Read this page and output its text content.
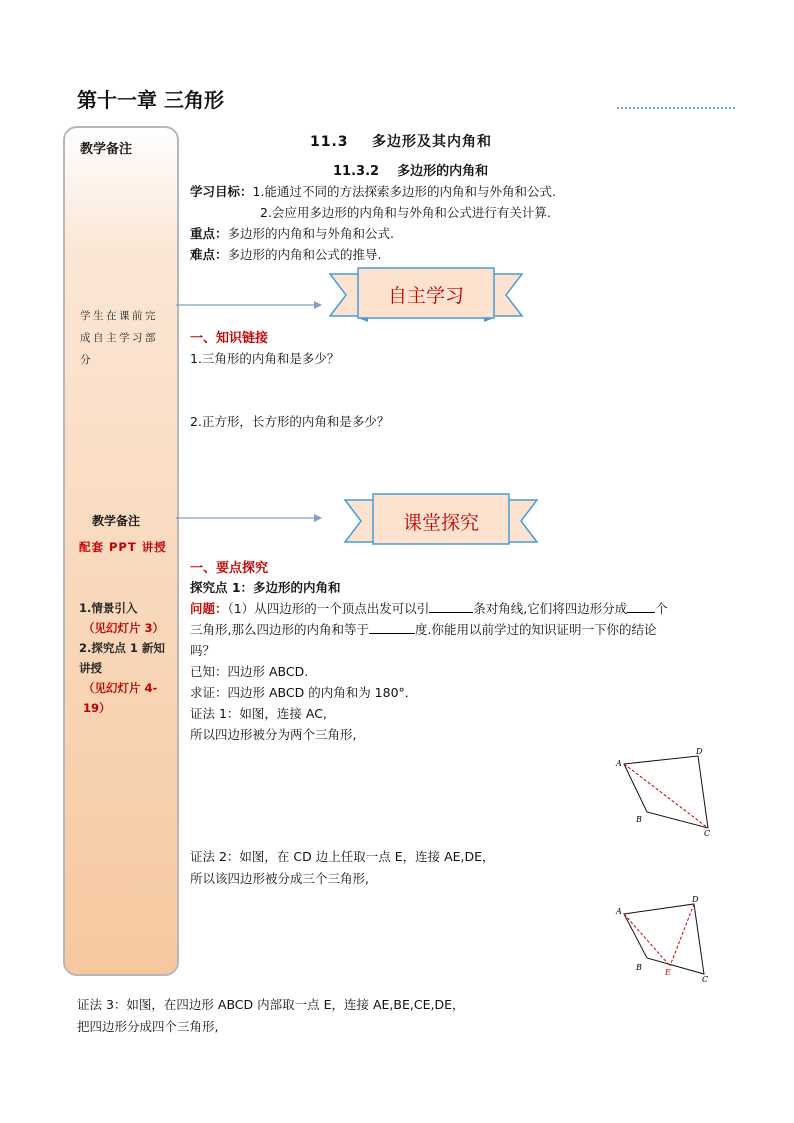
第十一章 三角形
教学备注
学生在课前完成自主学习部分
教学备注
配套 PPT 讲授
1.情景引入
（见幻灯片 3）
2.探究点 1 新知讲授
（见幻灯片 4-19）
11.3    多边形及其内角和
11.3.2    多边形的内角和
学习目标：1.能通过不同的方法探索多边形的内角和与外角和公式.
2.会应用多边形的内角和与外角和公式进行有关计算.
重点：多边形的内角和与外角和公式.
难点：多边形的内角和公式的推导.
自主学习
一、知识链接
1.三角形的内角和是多少？
2.正方形，长方形的内角和是多少？
课堂探究
一、要点探究
探究点 1：多边形的内角和
问题：（1）从四边形的一个顶点出发可以引	条对角线,它们将四边形分成 个
三角形,那么四边形的内角和等于	度.你能用以前学过的知识证明一下你的结论
吗？
已知：四边形 ABCD.
求证：四边形 ABCD 的内角和为 180°．
证法 1：如图，连接 AC,
所以四边形被分为两个三角形,
A
D
C
B
证法 2：如图，在 CD 边上任取一点 E，连接 AE,DE，
所以该四边形被分成三个三角形,
A
D
C
B
E
证法 3：如图，在四边形 ABCD 内部取一点 E，连接 AE,BE,CE,DE，
把四边形分成四个三角形,
